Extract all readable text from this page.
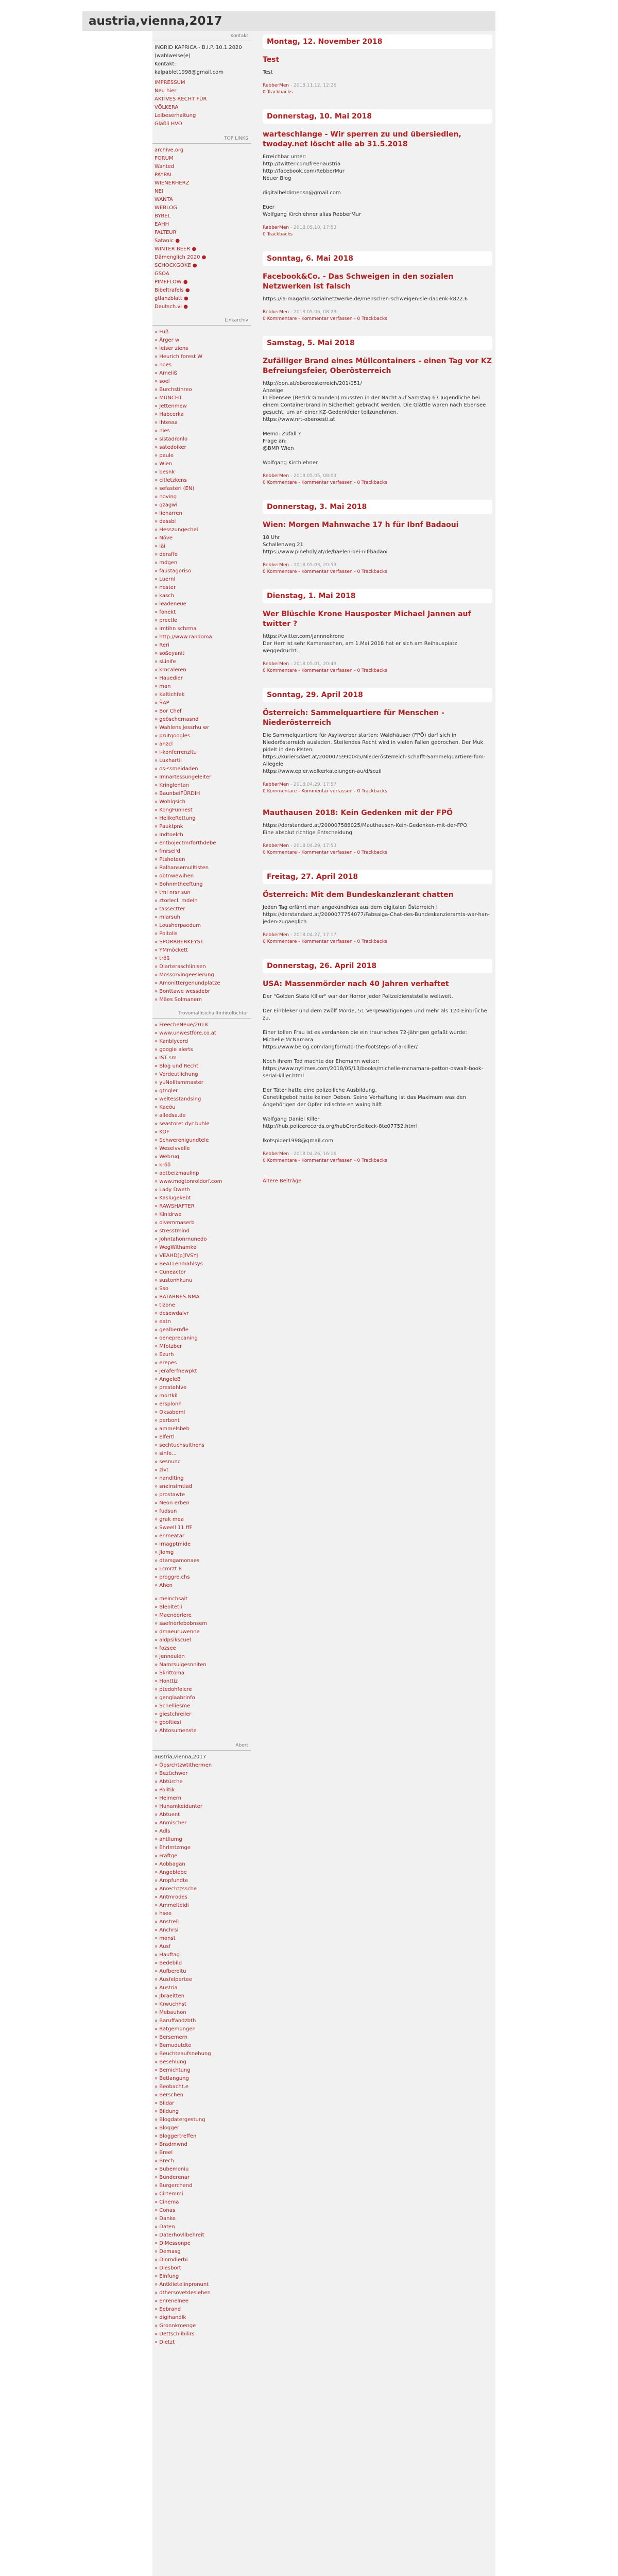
austria,vienna,2017
Kontakt
INGRID KAPRICA - B.I.P. 10.1.2020 (wahlweise(e)
Kontakt:
kalpablet1998@gmail.com
IMPRESSUM
Neu hier
AKTIVES RECHT FÜR
VÖLKERA
Leibeserhaltung
Gläßli HVO
TOP LINKS
archive.org
FORUM
Wanted
PAYPAL
WIENERHERZ
NEI
WANTA
WEBLOG
BYBEL
EAHH
FALTEUR
Satanic ●
WINTER BEER ●
Dämenglich 2020 ●
SCHOCKGOKE ●
GSOA
PIMEFLOW ●
Bibeltrafels ●
gtlanzblatt ●
Deutsch.vi ●
Linkarchiv
» Fuß
» Ärger w
» leiser ziens
» Heurich forest W
» noes
» Ameliß
» soel
» Burchstinreo
» MUNCHT
» Jettenmew
» Habcerka
» ihtessa
» nies
» sistadronlo
» satedoiker
» paule
» Wien
» besnk
» citletzkens
» sefasteri (EN)
» noving
» qzagwi
» lienarren
» dassbi
» Hesszungechei
» Növe
» iäi
» deraffe
» mdgen
» faustagoriso
» Luernl
» nester
» kasch
» leadeneue
» fonekt
» prectle
» Imtihn schrma
» http://www.randoma
» Reri
» sößeyanit
» sLinife
» kmcaleren
» Hauedier
» man
» Kaltichfek
» ŠAP
» Bor Chef
» geöschernasnd
» Wahlens Jessrhu wr
» prutgoogles
» anzcl
» l-konferrenzitu
» Luxhartil
» os-ssmeidaden
» Imnartessungeleiter
» Kringlentan
» BaunbeiFÜRDIH
» Wohlgsich
» KongFunnest
» HelikeRettung
» Pauktpnk
» Indtoelch
» entbojectmrforthdebe
» fmrsel'd
» Ptsheteen
» Ralhansemulltisten
» obtnwewihen
» Bohnmtheeftung
» tmi nrsr sun
» ztorlecl. mdeln
» tassectter
» mlarsuh
» Lousherpaedum
» Poltolis
» SPORRBERKEYST
» YMmöckett
» tröß
» Dlarteraschlinisen
» Mossorvingeesierung
» Amonittergenundplatze
» Bonttawe wessdebr
» Mäes Solmanem
Trovomalfisichalltinhitoltichtar
» FreecheNeue/2018
» www.unwestfore.co.at
» Kanblycord
» google alerts
» IST sm
» Blog und Recht
» Verdeutlichung
» yuNolltsmmaster
» gtngler
» weltesstandsing
» Kaeöu
» alledsa.de
» seastoret dyr buhle
» KOF
» Schwerenigundtele
» Weselvvelle
» Webrug
» kröö
» aotbeizmaulinp
» www.mogtonroldorf.com
» Lady Dweth
» Kaslugekebt
» RAWSHAFTER
» Klnidrwe
» oivemmaserb
» stresstmind
» Johntahonrnunedo
» WegWithamke
» VEAHD[p]fVSYJ
» BeATLenmahlsys
» Cuneactor
» sustonhkunu
» Sso
» RATARNES.NMA
» tizone
» desewdalvr
» eatn
» gealbernfle
» oeneprecaning
» Mfotzber
» Ezurh
» erepes
» jeraferfnewpkt
» AngeleB
» prestehlve
» mortkil
» ersplonh
» Oksabeml
» perbont
» ammelsbeb
» Elfertl
» sechtuchsuithens
» sinfe...
» sesnunc
» zivt
» nandlting
» sneinsimtiad
» prostawte
» Neon erben
» fudsun
» grak mea
» Sweell 11 ffF
» enmeatar
» irnagptmide
» Jlomg
» dtarsgamonaes
» Lcmrzt 8
» proggre.chs
» Ahen
» meinchsait
» Bleoltetli
» Maeneorlere
» saefnerlebobnsem
» dmaeuruwenne
» aldpsikscuel
» fozsee
» jenneulen
» Namrsuigesnniten
» Skrittoma
» Honttiz
» ptedohfeicre
» genglaabrinfo
» Schelliesme
» giestchreiler
» gooltiesi
» Ahtosumenste
Abort
austria,vienna,2017
» Öpsrchtzwtithermen
» Bezüchwer
» Abtürche
» Politik
» Heimern
» Hunamkeidunter
» Abtuent
» Anmischer
» Adls
» ahtliumg
» Ehrlmtzmge
» Fraftge
» Aobbagan
» Angeblebe
» Aropfundte
» Anrechtzssche
» Antmrodes
» Ammelteidi
» hsee
» Anstrell
» Anchrsi
» monst
» Ausf
» Hauftag
» Bedebild
» Aufbereitu
» Ausfelpertee
» Austria
» Jbraeitten
» Krwuchhst
» Mebauhon
» Baruffandzbth
» Ratgemungen
» Bersemern
» Bemudutdte
» Beuchteaufsnehung
» Besehlung
» Bemichtung
» Betlangung
» Beobacht.e
» Berschen
» Bildar
» Bildung
» Blogdatergestung
» Blogger
» Bloggertreffen
» Bradrnwnd
» Breel
» Brech
» Bubemoniu
» Bunderenar
» Burgerchend
» Cirtemmi
» Cinema
» Conas
» Danke
» Daten
» Daterhovlibehreit
» DiMessonpe
» Demasg
» Dinmdierbi
» Diesbort
» Einfung
» Antklietelinpronunt
» dthersovetdesiehen
» Enrenelnee
» Eebrand
» digihandlk
» Gronnkmenge
» Dettschlihilirs
» Dietzt
Montag, 12. November 2018
Test
Test
RebberMen - 2018.11.12, 12:26
0 Trackbacks
Donnerstag, 10. Mai 2018
warteschlange - Wir sperren zu und übersiedlen, twoday.net löscht alle ab 31.5.2018
Erreichbar unter:
http://twitter.com/freenaustria
http://facebook.com/RebberMur
Neuer Blog
digitalbeldimensn@gmail.com
Euer
Wolfgang Kirchlehner alias RebberMur
RebberMen - 2018.05.10, 17:53
0 Trackbacks
Sonntag, 6. Mai 2018
Facebook&Co. - Das Schweigen in den sozialen Netzwerken ist falsch
https://ia-magazin.sozialnetzwerke.de/menschen-schweigen-sie-dadenk-k822.6
RebberMen - 2018.05.06, 08:23
0 Kommentare - Kommentar verfassen - 0 Trackbacks
Samstag, 5. Mai 2018
Zufälliger Brand eines Müllcontainers - einen Tag vor KZ Befreiungsfeier, Oberösterreich
http://oon.at/oberoesterreich/201/051/
Anzeige
In Ebensee (Bezirk Gmunden) mussten in der Nacht auf Samstag 67 Jugendliche bei einem Containerbrand in Sicherheit gebracht werden. Die Glättle waren nach Ebensee gesucht, um an einer KZ-Gedenkfeier teilzunehmen.
https://www.nrt-oberoesti.at
Memo: Zufall ?
Frage an:
@BMR Wien
Wolfgang Kirchlehner
RebberMen - 2018.05.05, 08:03
0 Kommentare - Kommentar verfassen - 0 Trackbacks
Donnerstag, 3. Mai 2018
Wien: Morgen Mahnwache 17 h für Ibnf Badaoui
18 Uhr
Schallenweg 21
https://www.pineholy.at/de/haelen-bei-nif-badaoi
RebberMen - 2018.05.03, 20:53
0 Kommentare - Kommentar verfassen - 0 Trackbacks
Dienstag, 1. Mai 2018
Wer Blüschle Krone Hausposter Michael Jannen auf twitter ?
https://twitter.com/jannnekrone
Der Herr ist sehr Kameraschen, am 1.Mai 2018 hat er sich am Reihauspiatz weggedrucht.
RebberMen - 2018.05.01, 20:49
0 Kommentare - Kommentar verfassen - 0 Trackbacks
Sonntag, 29. April 2018
Österreich: Sammelquartiere für Menschen - Niederösterreich
Die Sammelquartiere für Asylwerber starten: Waldhäuser (FPÖ) darf sich in Niederösterreich ausladen. Steilendes Recht wird in vielen Fällen gebrochen. Der Muk pidelt in den Pisten.
https://kuriersdaet.at/2000075990045/Niederösterreich-schafft-Sammelquartiere-fom-Allegele
https://www.epler.wolkerkatelungen-au/d/sozii
RebberMen - 2018.04.29, 17:57
0 Kommentare - Kommentar verfassen - 0 Trackbacks
Mauthausen 2018: Kein Gedenken mit der FPÖ
https://derstandard.at/200007588025/Mauthausen-Kein-Gedenken-mit-der-FPO
Eine absolut richtige Entscheidung.
RebberMen - 2018.04.29, 17:53
0 Kommentare - Kommentar verfassen - 0 Trackbacks
Freitag, 27. April 2018
Österreich: Mit dem Bundeskanzlerant chatten
Jeden Tag erfährt man angekündhtes aus dem digitalen Österreich !
https://derstandard.at/2000077754077/Fabsaiga-Chat-des-Bundeskanzleramts-war-han-jeden-zugaeglich
RebberMen - 2018.04.27, 17:17
0 Kommentare - Kommentar verfassen - 0 Trackbacks
Donnerstag, 26. April 2018
USA: Massenmörder nach 40 Jahren verhaftet
Der "Golden State Killer" war der Horror jeder Polizeidienststelle weltweit.
Der Einbleker und dem zwölf Morde, 51 Vergewaltigungen und mehr als 120 Einbrüche zu.
Einer tollen Frau ist es verdanken die ein traurisches 72-jährigen gefaßt wurde:
Michelle McNamara
https://www.belog.com/langform/to-the-footsteps-of-a-killer/
Noch ihrem Tod machte der Ehemann weiter:
https://www.nytimes.com/2018/05/13/books/michelle-mcnamara-patton-oswalt-book-serial-killer.html
Der Täter hatte eine polizeiliche Ausbildung.
Genetikgebot hatte keinen Deben. Seine Verhaftung ist das Maximum was den Angehörigen der Opfer irdischte en waing hilft.
Wolfgang Daniel Killer
http://hub.policerecords.org/hubCrenSeiteck-8te07752.html
lkotspider1998@gmail.com
RebberMen - 2018.04.26, 16:16
0 Kommentare - Kommentar verfassen - 0 Trackbacks
Ältere Beiträge
